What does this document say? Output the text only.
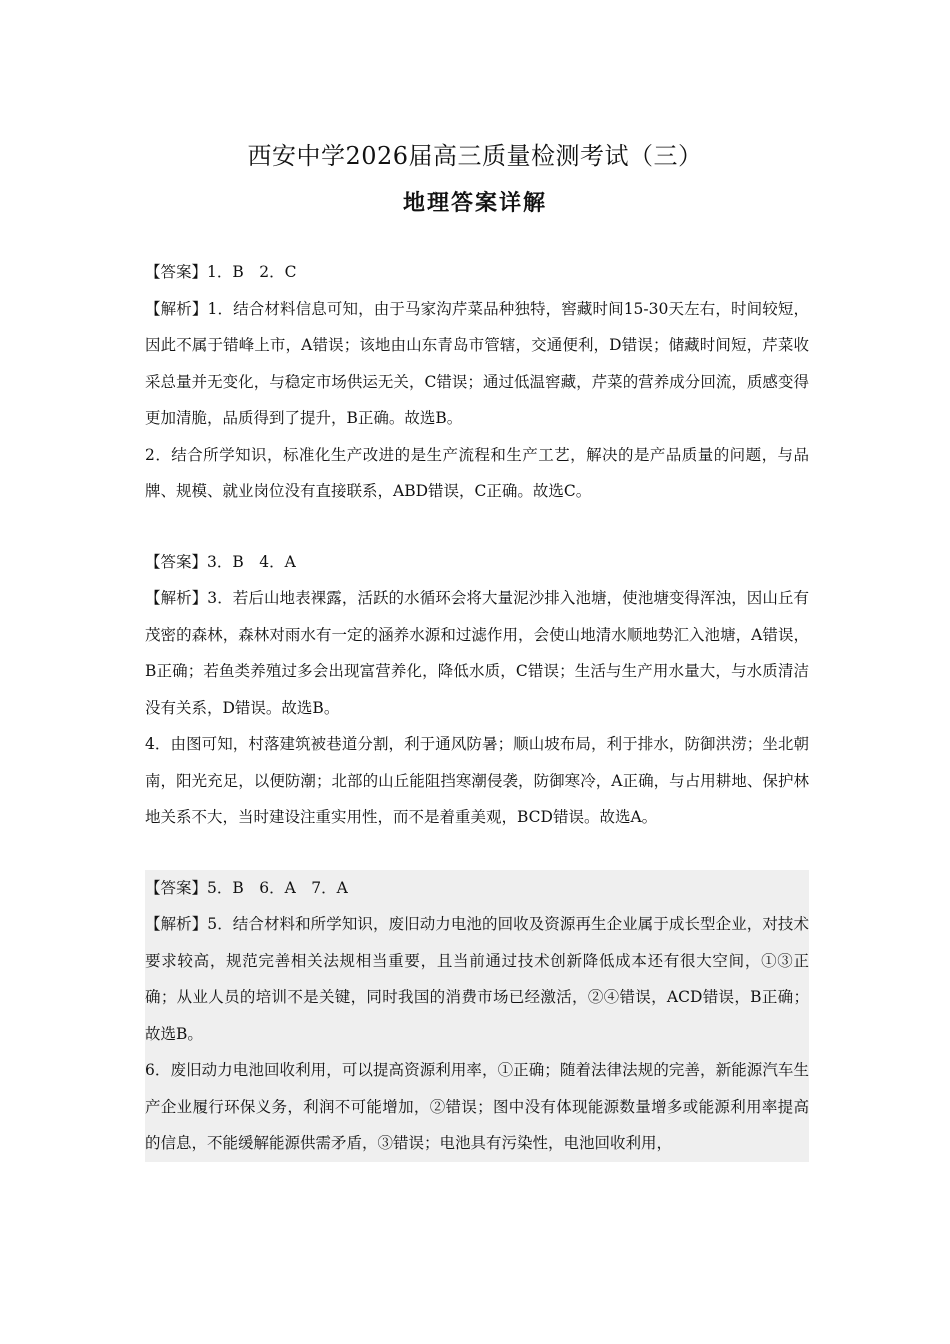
西安中学2026届高三质量检测考试（三）
地理答案详解

【答案】1．B　2．C

【解析】1．结合材料信息可知，由于马家沟芹菜品种独特，窖藏时间15-30天左右，时间较短，因此不属于错峰上市，A错误；该地由山东青岛市管辖，交通便利，D错误；储藏时间短，芹菜收采总量并无变化，与稳定市场供运无关，C错误；通过低温窖藏，芹菜的营养成分回流，质感变得更加清脆，品质得到了提升，B正确。故选B。

2．结合所学知识，标准化生产改进的是生产流程和生产工艺，解决的是产品质量的问题，与品牌、规模、就业岗位没有直接联系，ABD错误，C正确。故选C。

【答案】3．B　4．A

【解析】3．若后山地表裸露，活跃的水循环会将大量泥沙排入池塘，使池塘变得浑浊，因山丘有茂密的森林，森林对雨水有一定的涵养水源和过滤作用，会使山地清水顺地势汇入池塘，A错误，B正确；若鱼类养殖过多会出现富营养化，降低水质，C错误；生活与生产用水量大，与水质清洁没有关系，D错误。故选B。

4．由图可知，村落建筑被巷道分割，利于通风防暑；顺山坡布局，利于排水，防御洪涝；坐北朝南，阳光充足，以便防潮；北部的山丘能阻挡寒潮侵袭，防御寒冷，A正确，与占用耕地、保护林地关系不大，当时建设注重实用性，而不是着重美观，BCD错误。故选A。

【答案】5．B　6．A　7．A

【解析】5．结合材料和所学知识，废旧动力电池的回收及资源再生企业属于成长型企业，对技术要求较高，规范完善相关法规相当重要，且当前通过技术创新降低成本还有很大空间，①③正确；从业人员的培训不是关键，同时我国的消费市场已经激活，②④错误，ACD错误，B正确；故选B。

6．废旧动力电池回收利用，可以提高资源利用率，①正确；随着法律法规的完善，新能源汽车生产企业履行环保义务，利润不可能增加，②错误；图中没有体现能源数量增多或能源利用率提高的信息，不能缓解能源供需矛盾，③错误；电池具有污染性，电池回收利用，
